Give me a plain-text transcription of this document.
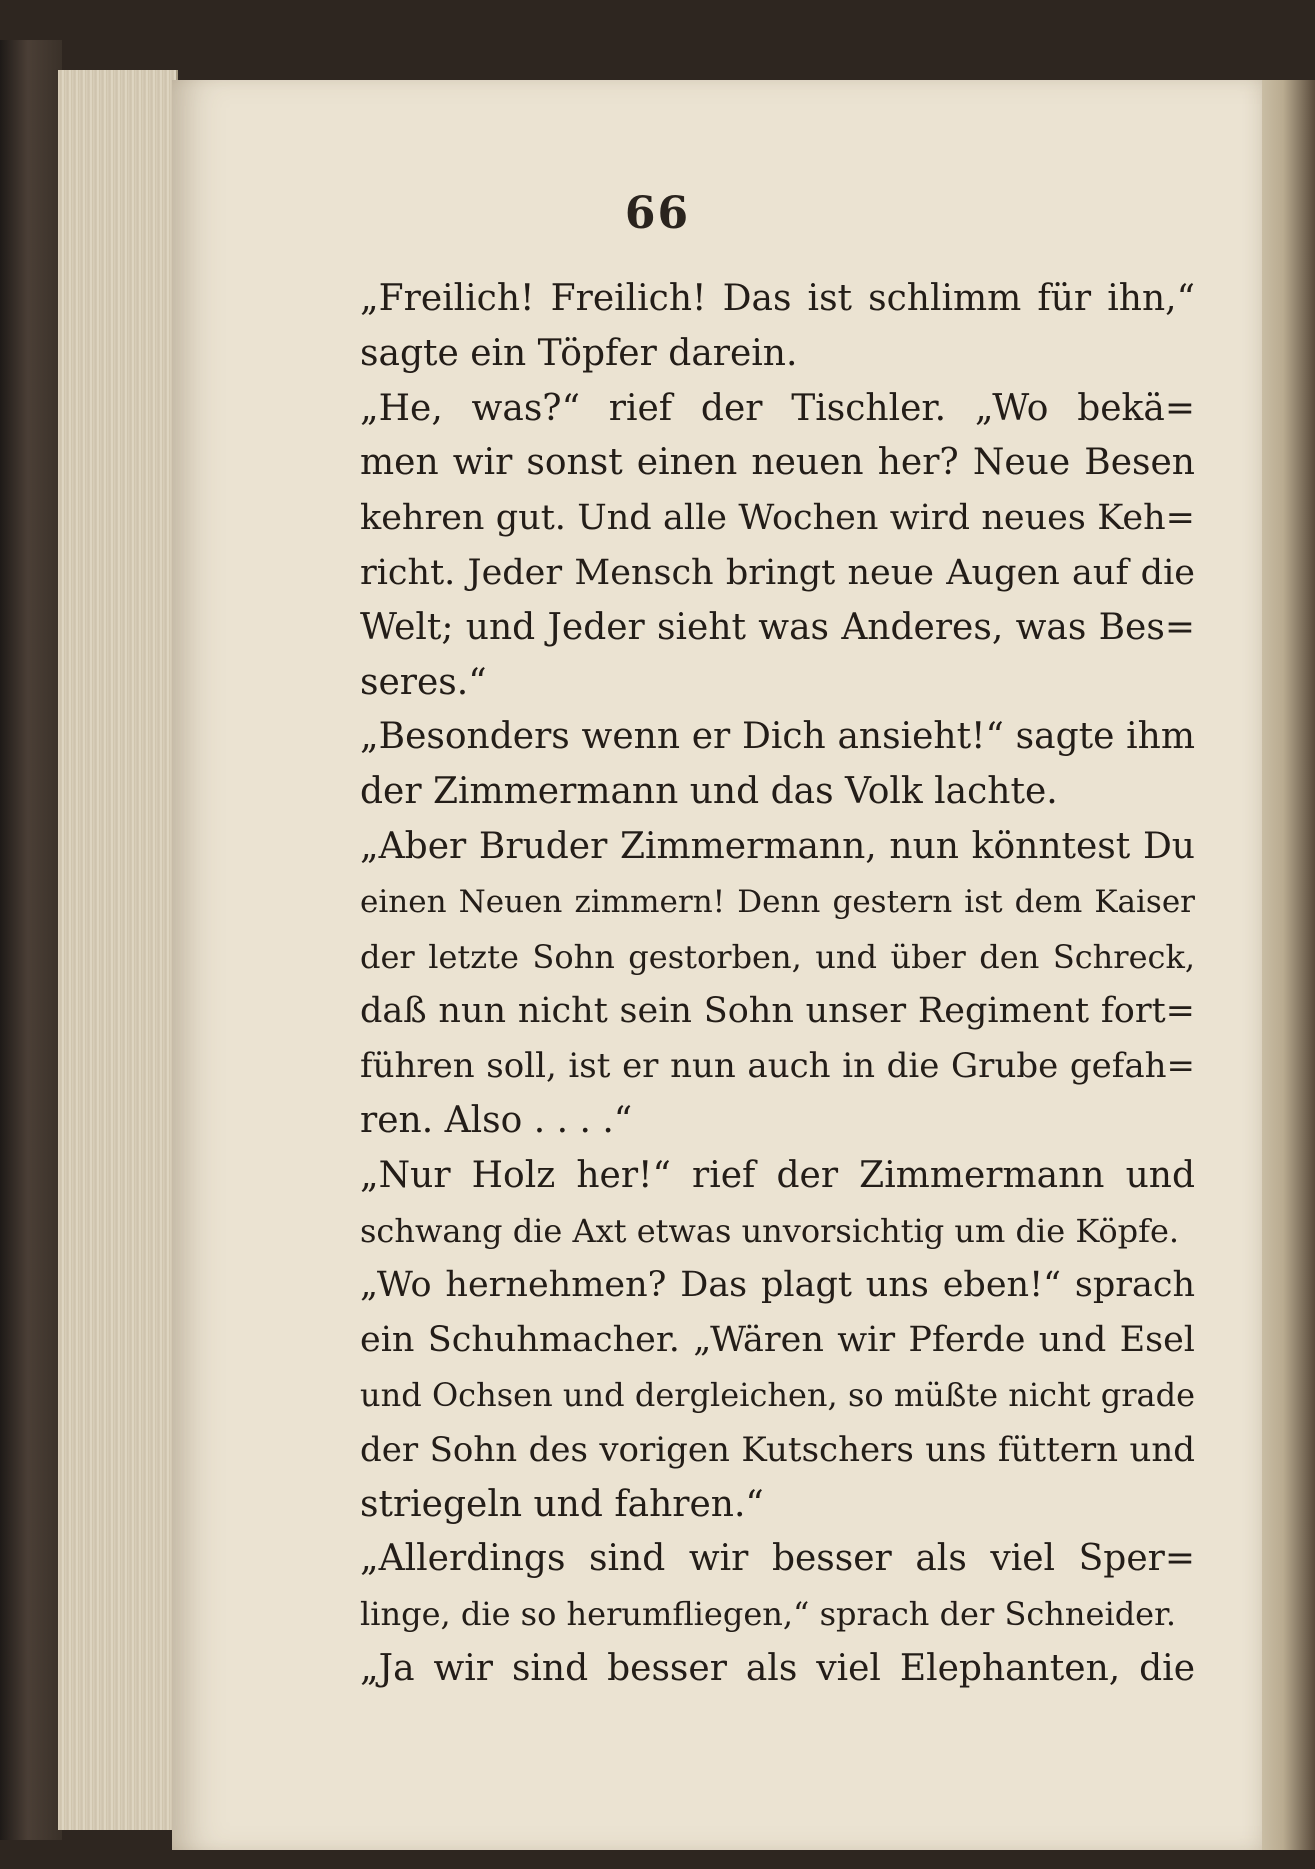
66
„Freilich! Freilich! Das ist schlimm für ihn,“
sagte ein Töpfer darein.
„He, was?“ rief der Tischler. „Wo bekä=
men wir sonst einen neuen her? Neue Besen
kehren gut. Und alle Wochen wird neues Keh=
richt. Jeder Mensch bringt neue Augen auf die
Welt; und Jeder sieht was Anderes, was Bes=
seres.“
„Besonders wenn er Dich ansieht!“ sagte ihm
der Zimmermann und das Volk lachte.
„Aber Bruder Zimmermann, nun könntest Du
einen Neuen zimmern! Denn gestern ist dem Kaiser
der letzte Sohn gestorben, und über den Schreck,
daß nun nicht sein Sohn unser Regiment fort=
führen soll, ist er nun auch in die Grube gefah=
ren. Also . . . .“
„Nur Holz her!“ rief der Zimmermann und
schwang die Axt etwas unvorsichtig um die Köpfe.
„Wo hernehmen? Das plagt uns eben!“ sprach
ein Schuhmacher. „Wären wir Pferde und Esel
und Ochsen und dergleichen, so müßte nicht grade
der Sohn des vorigen Kutschers uns füttern und
striegeln und fahren.“
„Allerdings sind wir besser als viel Sper=
linge, die so herumfliegen,“ sprach der Schneider.
„Ja wir sind besser als viel Elephanten, die
